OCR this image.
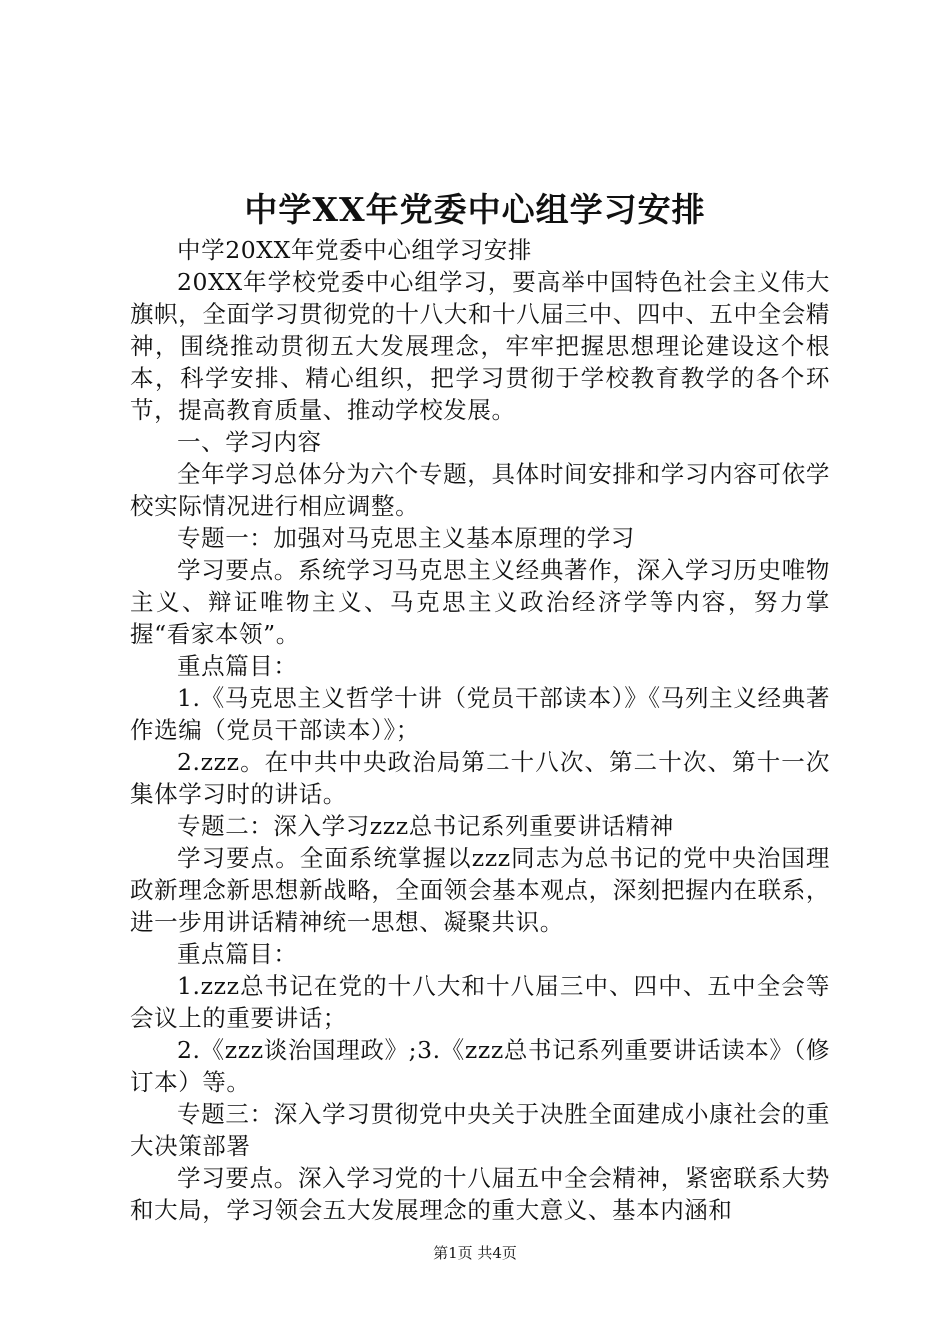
中学XX年党委中心组学习安排

中学20XX年党委中心组学习安排

20XX年学校党委中心组学习，要高举中国特色社会主义伟大旗帜，全面学习贯彻党的十八大和十八届三中、四中、五中全会精神，围绕推动贯彻五大发展理念，牢牢把握思想理论建设这个根本，科学安排、精心组织，把学习贯彻于学校教育教学的各个环节，提高教育质量、推动学校发展。

一、学习内容

全年学习总体分为六个专题，具体时间安排和学习内容可依学校实际情况进行相应调整。

专题一：加强对马克思主义基本原理的学习

学习要点。系统学习马克思主义经典著作，深入学习历史唯物主义、辩证唯物主义、马克思主义政治经济学等内容，努力掌握“看家本领”。

重点篇目：

1.《马克思主义哲学十讲（党员干部读本）》《马列主义经典著作选编（党员干部读本）》；

2.zzz。在中共中央政治局第二十八次、第二十次、第十一次集体学习时的讲话。

专题二：深入学习zzz总书记系列重要讲话精神

学习要点。全面系统掌握以zzz同志为总书记的党中央治国理政新理念新思想新战略，全面领会基本观点，深刻把握内在联系，进一步用讲话精神统一思想、凝聚共识。

重点篇目：

1.zzz总书记在党的十八大和十八届三中、四中、五中全会等会议上的重要讲话；

2.《zzz谈治国理政》;3.《zzz总书记系列重要讲话读本》（修订本）等。

专题三：深入学习贯彻党中央关于决胜全面建成小康社会的重大决策部署

学习要点。深入学习党的十八届五中全会精神，紧密联系大势和大局，学习领会五大发展理念的重大意义、基本内涵和

第1页 共4页
